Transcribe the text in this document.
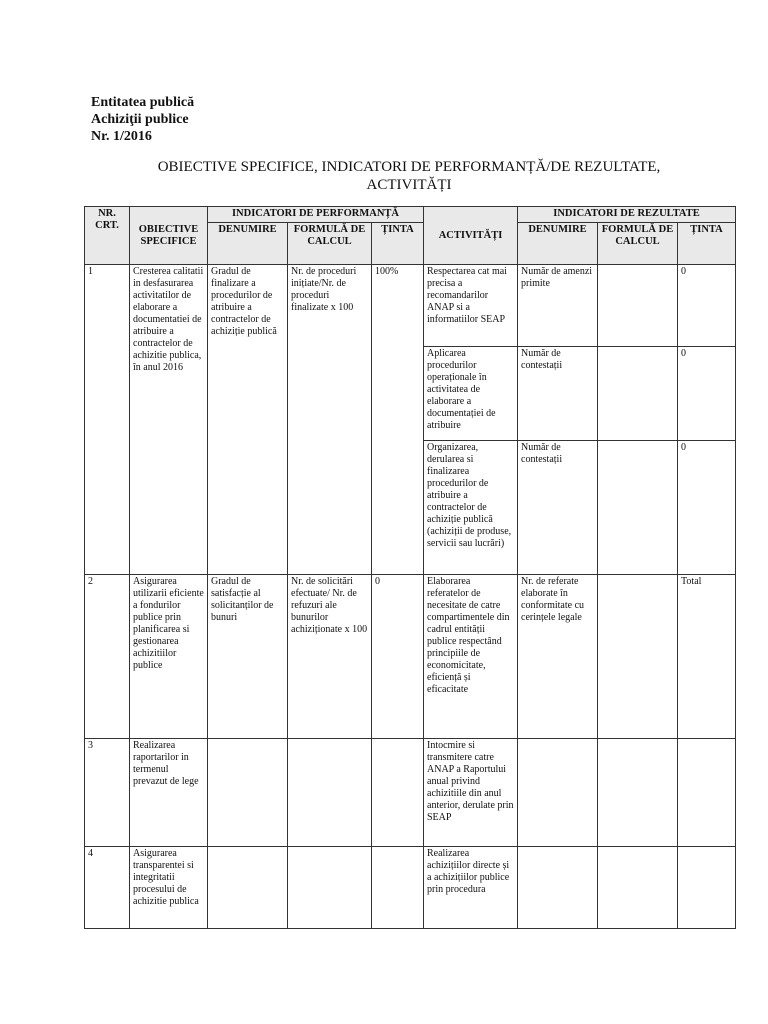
Entitatea publică
Achiziţii publice
Nr. 1/2016
OBIECTIVE SPECIFICE, INDICATORI DE PERFORMANȚĂ/DE REZULTATE,
ACTIVITĂȚI
NR. CRT.	OBIECTIVE SPECIFICE	INDICATORI DE PERFORMANȚĂ			ACTIVITĂȚI	INDICATORI DE REZULTATE		
		DENUMIRE	FORMULĂ DE CALCUL	ȚINTA		DENUMIRE	FORMULĂ DE CALCUL	ȚINTA
1	Cresterea calitatii in desfasurarea activitatilor de elaborare a documentatiei de atribuire a contractelor de achizitie publica, în anul 2016	Gradul de finalizare a procedurilor de atribuire a contractelor de achiziție publică	Nr. de proceduri inițiate/Nr. de proceduri finalizate x 100	100%	Respectarea cat mai precisa a recomandarilor ANAP si a informatiilor SEAP	Număr de amenzi primite		0
					Aplicarea procedurilor operaționale în activitatea de elaborare a documentației de atribuire	Număr de contestații		0
					Organizarea, derularea si finalizarea procedurilor de atribuire a contractelor de achiziție publică (achiziții de produse, servicii sau lucrări)	Număr de contestații		0
2	Asigurarea utilizarii eficiente a fondurilor publice prin planificarea si gestionarea achizitiilor publice	Gradul de satisfacție al solicitanților de bunuri	Nr. de solicitări efectuate/ Nr. de refuzuri ale bunurilor achiziționate x 100	0	Elaborarea referatelor de necesitate de catre compartimentele din cadrul entității publice respectând principiile de economicitate, eficiență și eficacitate	Nr. de referate elaborate în conformitate cu cerințele legale		Total
3	Realizarea raportarilor in termenul prevazut de lege				Intocmire si transmitere catre ANAP a Raportului anual privind achizitiile din anul anterior, derulate prin SEAP			
4	Asigurarea transparentei si integritatii procesului de achizitie publica				Realizarea achizițiilor directe și a achizițiilor publice prin procedura			
